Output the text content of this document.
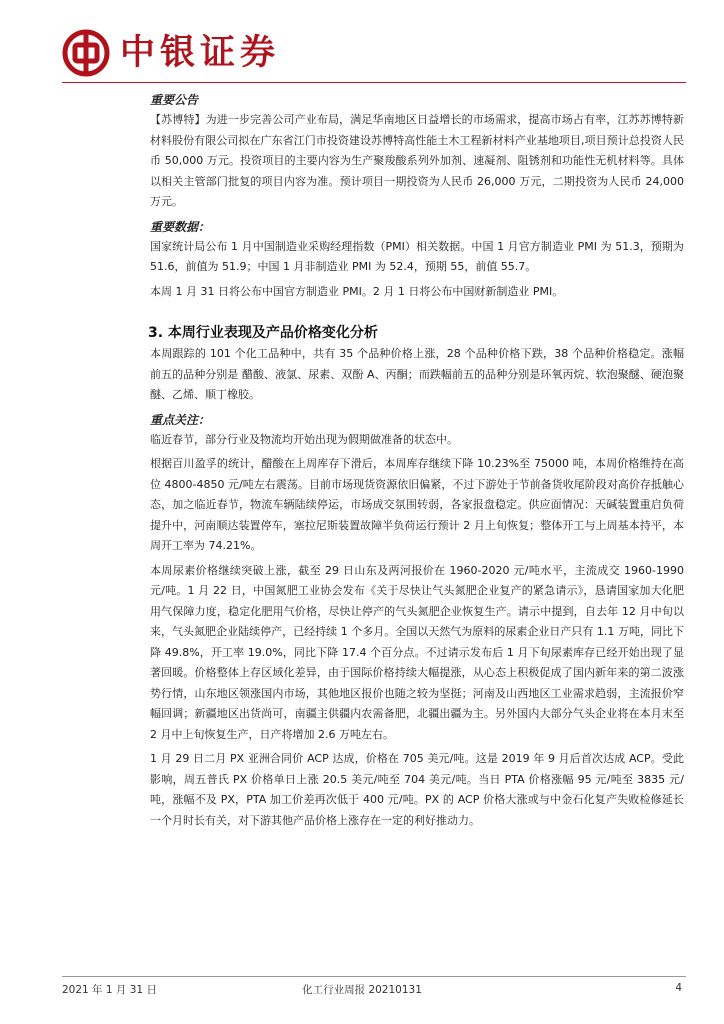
中银证券
重要公告

【苏博特】为进一步完善公司产业布局，满足华南地区日益增长的市场需求，提高市场占有率，江苏苏博特新材料股份有限公司拟在广东省江门市投资建设苏博特高性能土木工程新材料产业基地项目,项目预计总投资人民币 50,000 万元。投资项目的主要内容为生产聚羧酸系列外加剂、速凝剂、阻锈剂和功能性无机材料等。具体以相关主管部门批复的项目内容为准。预计项目一期投资为人民币 26,000 万元，二期投资为人民币 24,000 万元。

重要数据：

国家统计局公布 1 月中国制造业采购经理指数（PMI）相关数据。中国 1 月官方制造业 PMI 为 51.3，预期为 51.6，前值为 51.9；中国 1 月非制造业 PMI 为 52.4，预期 55，前值 55.7。

本周 1 月 31 日将公布中国官方制造业 PMI。2 月 1 日将公布中国财新制造业 PMI。

3. 本周行业表现及产品价格变化分析

本周跟踪的 101 个化工品种中，共有 35 个品种价格上涨，28 个品种价格下跌，38 个品种价格稳定。涨幅前五的品种分别是 醋酸、液氯、尿素、双酚 A、丙酮；而跌幅前五的品种分别是环氧丙烷、软泡聚醚、硬泡聚醚、乙烯、顺丁橡胶。

重点关注：

临近春节，部分行业及物流均开始出现为假期做准备的状态中。

根据百川盈孚的统计，醋酸在上周库存下滑后，本周库存继续下降 10.23%至 75000 吨，本周价格维持在高位 4800-4850 元/吨左右震荡。目前市场现货资源依旧偏紧，不过下游处于节前备货收尾阶段对高价存抵触心态，加之临近春节，物流车辆陆续停运，市场成交氛围转弱，各家报盘稳定。供应面情况：天碱装置重启负荷提升中，河南顺达装置停车，塞拉尼斯装置故障半负荷运行预计 2 月上旬恢复；整体开工与上周基本持平，本周开工率为 74.21%。

本周尿素价格继续突破上涨，截至 29 日山东及两河报价在 1960-2020 元/吨水平，主流成交 1960-1990 元/吨。1 月 22 日，中国氮肥工业协会发布《关于尽快让气头氮肥企业复产的紧急请示》，恳请国家加大化肥用气保障力度，稳定化肥用气价格，尽快让停产的气头氮肥企业恢复生产。请示中提到，自去年 12 月中旬以来，气头氮肥企业陆续停产，已经持续 1 个多月。全国以天然气为原料的尿素企业日产只有 1.1 万吨，同比下降 49.8%，开工率 19.0%，同比下降 17.4 个百分点。不过请示发布后 1 月下旬尿素库存已经开始出现了显著回暖。价格整体上存区域化差异，由于国际价格持续大幅提涨，从心态上积极促成了国内新年来的第二波涨势行情，山东地区领涨国内市场，其他地区报价也随之较为坚挺；河南及山西地区工业需求趋弱，主流报价窄幅回调；新疆地区出货尚可，南疆主供疆内农需备肥，北疆出疆为主。另外国内大部分气头企业将在本月末至 2 月中上旬恢复生产，日产将增加 2.6 万吨左右。

1 月 29 日二月 PX 亚洲合同价 ACP 达成，价格在 705 美元/吨。这是 2019 年 9 月后首次达成 ACP。受此影响，周五普氏 PX 价格单日上涨 20.5 美元/吨至 704 美元/吨。当日 PTA 价格涨幅 95 元/吨至 3835 元/吨，涨幅不及 PX，PTA 加工价差再次低于 400 元/吨。PX 的 ACP 价格大涨或与中金石化复产失败检修延长一个月时长有关，对下游其他产品价格上涨存在一定的利好推动力。

2021 年 1 月 31 日	化工行业周报 20210131	4
